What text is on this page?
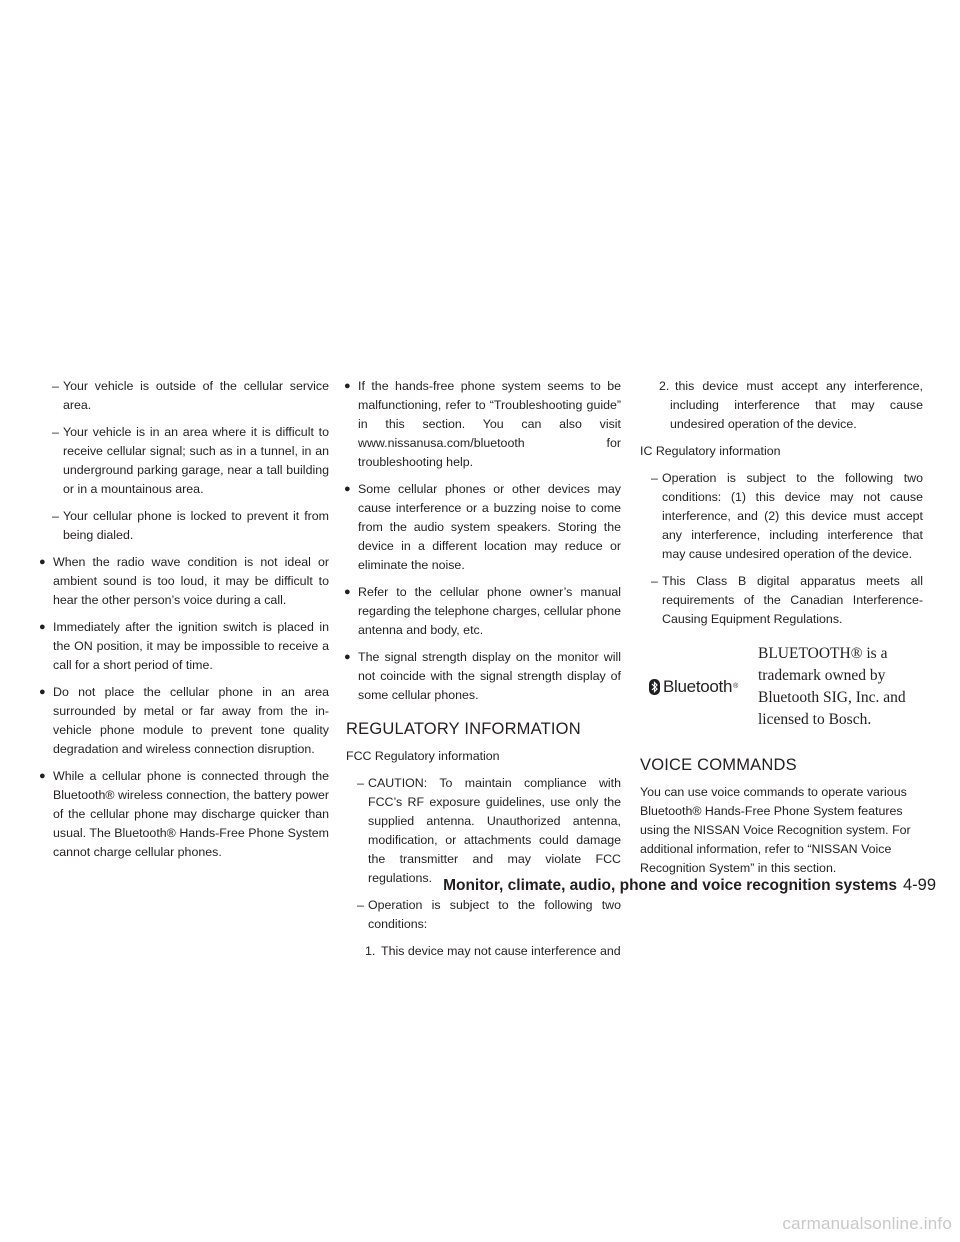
– Your vehicle is outside of the cellular service area.

– Your vehicle is in an area where it is difficult to receive cellular signal; such as in a tunnel, in an underground parking garage, near a tall building or in a mountainous area.

– Your cellular phone is locked to prevent it from being dialed.

● When the radio wave condition is not ideal or ambient sound is too loud, it may be difficult to hear the other person’s voice during a call.

● Immediately after the ignition switch is placed in the ON position, it may be impossible to receive a call for a short period of time.

● Do not place the cellular phone in an area surrounded by metal or far away from the in-vehicle phone module to prevent tone quality degradation and wireless connection disruption.

● While a cellular phone is connected through the Bluetooth® wireless connection, the battery power of the cellular phone may discharge quicker than usual. The Bluetooth® Hands-Free Phone System cannot charge cellular phones.

● If the hands-free phone system seems to be malfunctioning, refer to “Troubleshooting guide” in this section. You can also visit www.nissanusa.com/bluetooth for troubleshooting help.

● Some cellular phones or other devices may cause interference or a buzzing noise to come from the audio system speakers. Storing the device in a different location may reduce or eliminate the noise.

● Refer to the cellular phone owner’s manual regarding the telephone charges, cellular phone antenna and body, etc.

● The signal strength display on the monitor will not coincide with the signal strength display of some cellular phones.

REGULATORY INFORMATION

FCC Regulatory information

– CAUTION: To maintain compliance with FCC’s RF exposure guidelines, use only the supplied antenna. Unauthorized antenna, modification, or attachments could damage the transmitter and may violate FCC regulations.

– Operation is subject to the following two conditions:

1. This device may not cause interference and

2. this device must accept any interference, including interference that may cause undesired operation of the device.

IC Regulatory information

– Operation is subject to the following two conditions: (1) this device may not cause interference, and (2) this device must accept any interference, including interference that may cause undesired operation of the device.

– This Class B digital apparatus meets all requirements of the Canadian Interference-Causing Equipment Regulations.

Bluetooth ®
BLUETOOTH® is a trademark owned by Bluetooth SIG, Inc. and licensed to Bosch.

VOICE COMMANDS

You can use voice commands to operate various Bluetooth® Hands-Free Phone System features using the NISSAN Voice Recognition system. For additional information, refer to “NISSAN Voice Recognition System” in this section.

Monitor, climate, audio, phone and voice recognition systems 4-99
carmanualsonline.info
